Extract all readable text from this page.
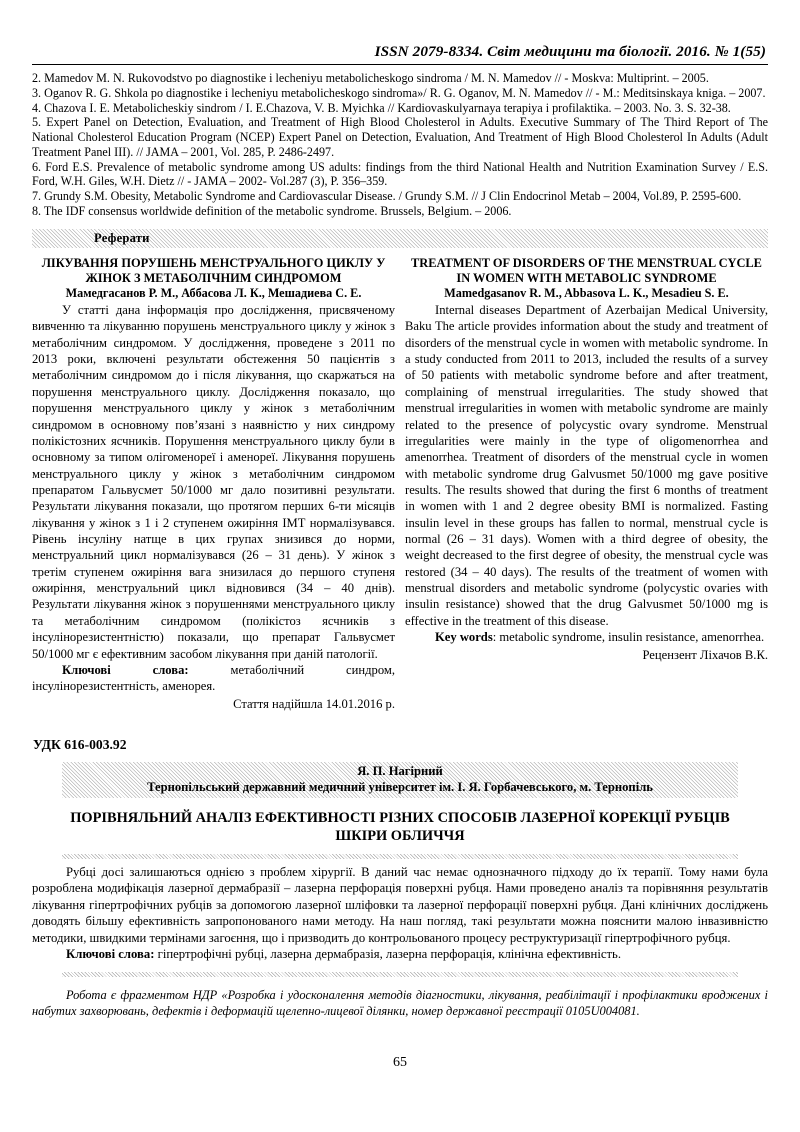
ISSN 2079-8334. Світ медицини та біології. 2016. № 1(55)

2. Mamedov M. N. Rukovodstvo po diagnostike i lecheniyu metabolicheskogo sindroma / M. N. Mamedov // - Moskva: Multiprint. – 2005.

3. Oganov R. G. Shkola po diagnostike i lecheniyu metabolicheskogo sindroma»/ R. G. Oganov, M. N. Mamedov // - M.: Meditsinskaya kniga. – 2007.

4. Chazova I. E. Metabolicheskiy sindrom / I. E.Chazova, V. B. Myichka // Kardiovaskulyarnaya terapiya i profilaktika. – 2003. No. 3. S. 32-38.

5. Expert Panel on Detection, Evaluation, and Treatment of High Blood Cholesterol in Adults. Executive Summary of The Third Report of The National Cholesterol Education Program (NCEP) Expert Panel on Detection, Evaluation, And Treatment of High Blood Cholesterol In Adults (Adult Treatment Panel III). // JAMA – 2001, Vol. 285, P. 2486-2497.

6. Ford E.S. Prevalence of metabolic syndrome among US adults: findings from the third National Health and Nutrition Examination Survey / E.S. Ford, W.H. Giles, W.H. Dietz // - JAMA – 2002- Vol.287 (3), P. 356–359.

7. Grundy S.M. Obesity, Metabolic Syndrome and Cardiovascular Disease. / Grundy S.M. // J Clin Endocrinol Metab – 2004, Vol.89, P. 2595-600.

8. The IDF consensus worldwide definition of the metabolic syndrome. Brussels, Belgium. – 2006.

Реферати
ЛІКУВАННЯ ПОРУШЕНЬ МЕНСТРУАЛЬНОГО ЦИКЛУ У ЖІНОК З МЕТАБОЛІЧНИМ СИНДРОМОМ
Мамедгасанов Р. М., Аббасова Л. К., Мешадиева С. Е.

У статті дана інформація про дослідження, присвяченому вивченню та лікуванню порушень менструального циклу у жінок з метаболічним синдромом. У дослідження, проведене з 2011 по 2013 роки, включені результати обстеження 50 пацієнтів з метаболічним синдромом до і після лікування, що скаржаться на порушення менструального циклу. Дослідження показало, що порушення менструального циклу у жінок з метаболічним синдромом в основному пов’язані з наявністю у них синдрому полікістозних ясчників. Порушення менструального циклу були в основному за типом олігоменореї і аменореї. Лікування порушень менструального циклу у жінок з метаболічним синдромом препаратом Гальвусмет 50/1000 мг дало позитивні результати. Результати лікування показали, що протягом перших 6-ти місяців лікування у жінок з 1 і 2 ступенем ожиріння ІМТ нормалізувався. Рівень інсуліну натще в цих групах знизився до норми, менструальний цикл нормалізувався (26 – 31 день). У жінок з третім ступенем ожиріння вага знизилася до першого ступеня ожиріння, менструальний цикл відновився (34 – 40 днів). Результати лікування жінок з порушеннями менструального циклу та метаболічним синдромом (полікістоз ясчників з інсулінорезистентністю) показали, що препарат Гальвусмет 50/1000 мг є ефективним засобом лікування при даній патології.

Ключові слова:	метаболічний синдром,
інсулінорезистентність, аменорея.
Стаття надійшла 14.01.2016 р.
TREATMENT OF DISORDERS OF THE MENSTRUAL CYCLE IN WOMEN WITH METABOLIC SYNDROME
Mamedgasanov R. M., Abbasova L. K., Mesadieu S. E.

Internal diseases Department of Azerbaijan Medical University, Baku The article provides information about the study and treatment of disorders of the menstrual cycle in women with metabolic syndrome. In a study conducted from 2011 to 2013, included the results of a survey of 50 patients with metabolic syndrome before and after treatment, complaining of menstrual irregularities. The study showed that menstrual irregularities in women with metabolic syndrome are mainly related to the presence of polycystic ovary syndrome. Menstrual irregularities were mainly in the type of oligomenorrhea and amenorrhea. Treatment of disorders of the menstrual cycle in women with metabolic syndrome drug Galvusmet 50/1000 mg gave positive results. The results showed that during the first 6 months of treatment in women with 1 and 2 degree obesity BMI is normalized. Fasting insulin level in these groups has fallen to normal, menstrual cycle is normal (26 – 31 days). Women with a third degree of obesity, the weight decreased to the first degree of obesity, the menstrual cycle was restored (34 – 40 days). The results of the treatment of women with menstrual disorders and metabolic syndrome (polycystic ovaries with insulin resistance) showed that the drug Galvusmet 50/1000 mg is effective in the treatment of this disease.

Key words: metabolic syndrome, insulin resistance, amenorrhea.
Рецензент Ліхачов В.К.
УДК 616-003.92
Я. П. Нагірний
Тернопільський державний медичний університет ім. І. Я. Горбачевського, м. Тернопіль
ПОРІВНЯЛЬНИЙ АНАЛІЗ ЕФЕКТИВНОСТІ РІЗНИХ СПОСОБІВ ЛАЗЕРНОЇ КОРЕКЦІЇ РУБЦІВ ШКІРИ ОБЛИЧЧЯ

Рубці досі залишаються однією з проблем хірургії. В даний час немає однозначного підходу до їх терапії. Тому нами була розроблена модифікація лазерної дермабразії – лазерна перфорація поверхні рубця. Нами проведено аналіз та порівняння результатів лікування гіпертрофічних рубців за допомогою лазерної шліфовки та лазерної перфорації поверхні рубця. Дані клінічних досліджень доводять більшу ефективність запропонованого нами методу. На наш погляд, такі результати можна пояснити малою інвазивністю методики, швидкими термінами загоєння, що і призводить до контрольованого процесу реструктуризації гіпертрофічного рубця.

Ключові слова: гіпертрофічні рубці, лазерна дермабразія, лазерна перфорація, клінічна ефективність.

Робота є фрагментом НДР «Розробка і удосконалення методів діагностики, лікування, реабілітації і профілактики вроджених і набутих захворювань, дефектів і деформацій щелепно-лицевої ділянки, номер державної реєстрації 0105U004081.

65
